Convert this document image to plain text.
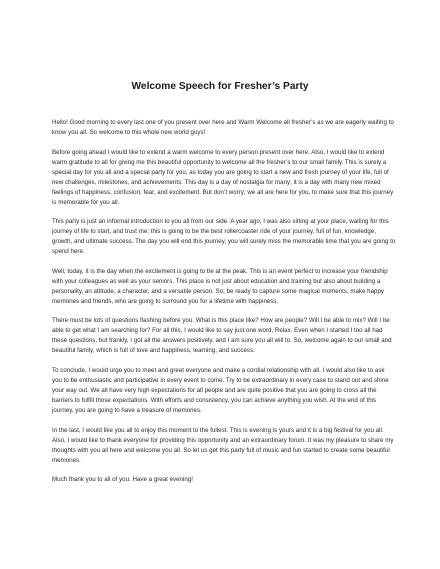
Welcome Speech for Fresher’s Party

Hello! Good morning to every last one of you present over here and Warm Welcome all fresher’s as we are eagerly waiting to know you all. So welcome to this whole new world guys!

Before going ahead I would like to extend a warm welcome to every person present over here. Also, I would like to extend warm gratitude to all for giving me this beautiful opportunity to welcome all the fresher’s to our small family. This is surely a special day for you all and a special party for you, as today you are going to start a new and fresh journey of your life, full of new challenges, milestones, and achievements. This day is a day of nostalgia for many; it is a day with many new mixed feelings of happiness, confusion, fear, and excitement. But don’t worry; we all are here for you, to make sure that this journey is memorable for you all.

This party is just an informal introduction to you all from our side. A year ago, I was also sitting at your place, waiting for this journey of life to start, and trust me; this is going to be the best rollercoaster ride of your journey, full of fun, knowledge, growth, and ultimate success. The day you will end this journey, you will surely miss the memorable time that you are going to spend here.

Well, today, it is the day when the excitement is going to be at the peak. This is an event perfect to increase your friendship with your colleagues as well as your seniors. This place is not just about education and training but also about building a personality, an attitude, a character, and a versatile person. So, be ready to capture some magical moments, make happy memories and friends, who are going to surround you for a lifetime with happiness.

There must be lots of questions flashing before you. What is this place like? How are people? Will I be able to mix? Will I be able to get what I am searching for? For all this, I would like to say just one word, Relax. Even when I started I too all had these questions, but frankly, I got all the answers positively, and I am sure you all will to. So, welcome again to our small and beautiful family, which is full of love and happiness, learning, and success.

To conclude, I would urge you to meet and greet everyone and make a cordial relationship with all. I would also like to ask you to be enthusiastic and participative in every event to come. Try to be extraordinary in every case to stand out and shine your way out. We all have very high expectations for all people and are quite positive that you are going to cross all the barriers to fulfill those expectations. With efforts and consistency, you can achieve anything you wish. At the end of this journey, you are going to have a treasure of memories.

In the last, I would like you all to enjoy this moment to the fullest. This is evening is yours and it is a big festival for you all. Also, I would like to thank everyone for providing this opportunity and an extraordinary forum. It was my pleasure to share my thoughts with you all here and welcome you all. So let us get this party full of music and fun started to create some beautiful memories.

Much thank you to all of you. Have a great evening!
